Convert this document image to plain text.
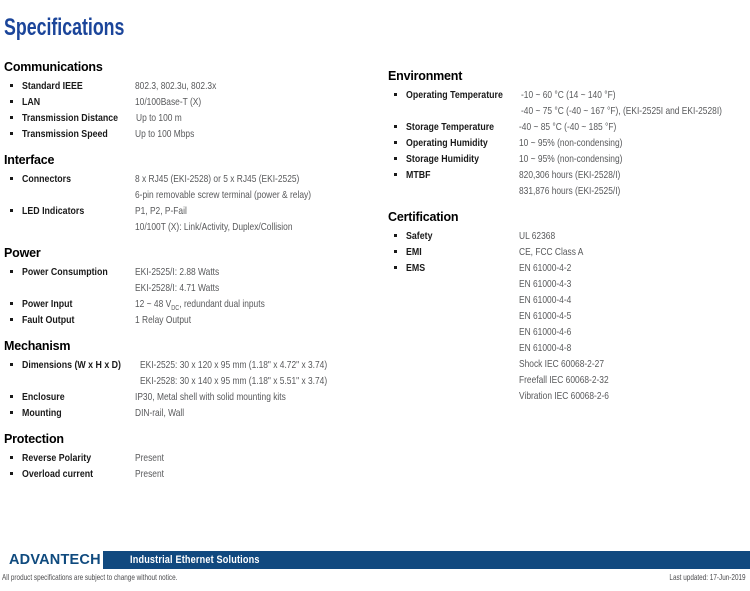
Specifications
Communications
Standard IEEE	802.3, 802.3u, 802.3x
LAN	10/100Base-T (X)
Transmission Distance Up to 100 m
Transmission Speed	Up to 100 Mbps
Interface
Connectors	8 x RJ45 (EKI-2528) or 5 x RJ45 (EKI-2525)
6-pin removable screw terminal (power & relay)
LED Indicators	P1, P2, P-Fail
10/100T (X): Link/Activity, Duplex/Collision
Power
Power Consumption	EKI-2525/I: 2.88 Watts
EKI-2528/I: 4.71 Watts
Power Input	12 ~ 48 $V_{DC}$, redundant dual inputs
Fault Output	1 Relay Output
Mechanism
Dimensions (W x H x D) EKI-2525: 30 x 120 x 95 mm (1.18" x 4.72" x 3.74)
EKI-2528: 30 x 140 x 95 mm (1.18" x 5.51" x 3.74)
Enclosure	IP30, Metal shell with solid mounting kits
Mounting	DIN-rail, Wall
Protection
Reverse Polarity	Present
Overload current	Present
Environment
Operating Temperature -10 ~ 60 °C (14 ~ 140 °F)
-40 ~ 75 °C (-40 ~ 167 °F), (EKI-2525I and EKI-2528I)
Storage Temperature	-40 ~ 85 °C (-40 ~ 185 °F)
Operating Humidity	10 ~ 95% (non-condensing)
Storage Humidity	10 ~ 95% (non-condensing)
MTBF	820,306 hours (EKI-2528/I)
831,876 hours (EKI-2525/I)
Certification
Safety	UL 62368
EMI	CE, FCC Class A
EMS	EN 61000-4-2
EN 61000-4-3
EN 61000-4-4
EN 61000-4-5
EN 61000-4-6
EN 61000-4-8
Shock IEC 60068-2-27
Freefall IEC 60068-2-32
Vibration IEC 60068-2-6
ADVANTECH	Industrial Ethernet Solutions
All product specifications are subject to change without notice.	Last updated: 17-Jun-2019
